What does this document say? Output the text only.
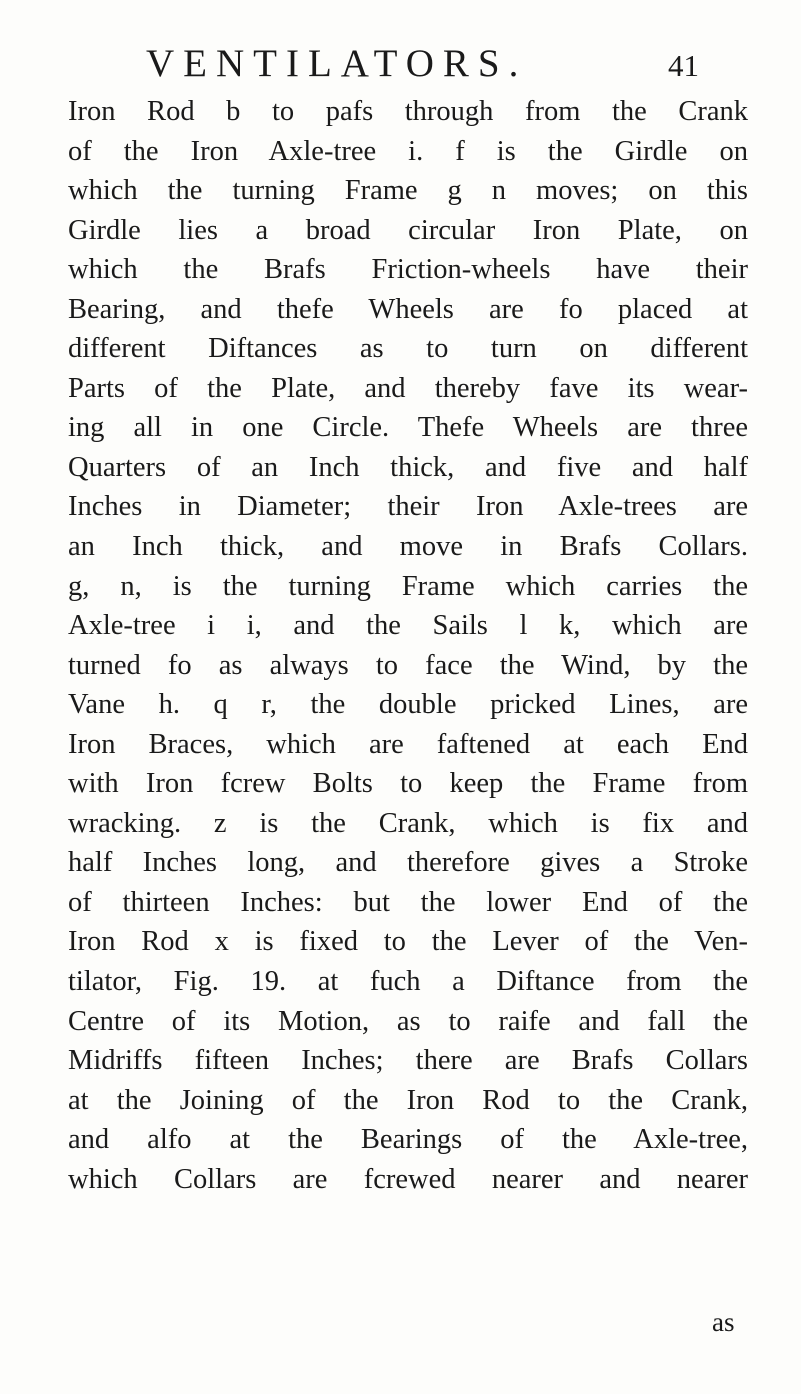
VENTILATORS.	41
Iron Rod b to pafs through from the Crank
of the Iron Axle-tree i. f is the Girdle on
which the turning Frame g n moves; on this
Girdle lies a broad circular Iron Plate, on
which the Brafs Friction-wheels have their
Bearing, and thefe Wheels are fo placed at
different Diftances as to turn on different
Parts of the Plate, and thereby fave its wear-
ing all in one Circle. Thefe Wheels are three
Quarters of an Inch thick, and five and half
Inches in Diameter; their Iron Axle-trees are
an Inch thick, and move in Brafs Collars.
g, n, is the turning Frame which carries the
Axle-tree i i, and the Sails l k, which are
turned fo as always to face the Wind, by the
Vane h. q r, the double pricked Lines, are
Iron Braces, which are faftened at each End
with Iron fcrew Bolts to keep the Frame from
wracking. z is the Crank, which is fix and
half Inches long, and therefore gives a Stroke
of thirteen Inches: but the lower End of the
Iron Rod x is fixed to the Lever of the Ven-
tilator, Fig. 19. at fuch a Diftance from the
Centre of its Motion, as to raife and fall the
Midriffs fifteen Inches; there are Brafs Collars
at the Joining of the Iron Rod to the Crank,
and alfo at the Bearings of the Axle-tree,
which Collars are fcrewed nearer and nearer
as
